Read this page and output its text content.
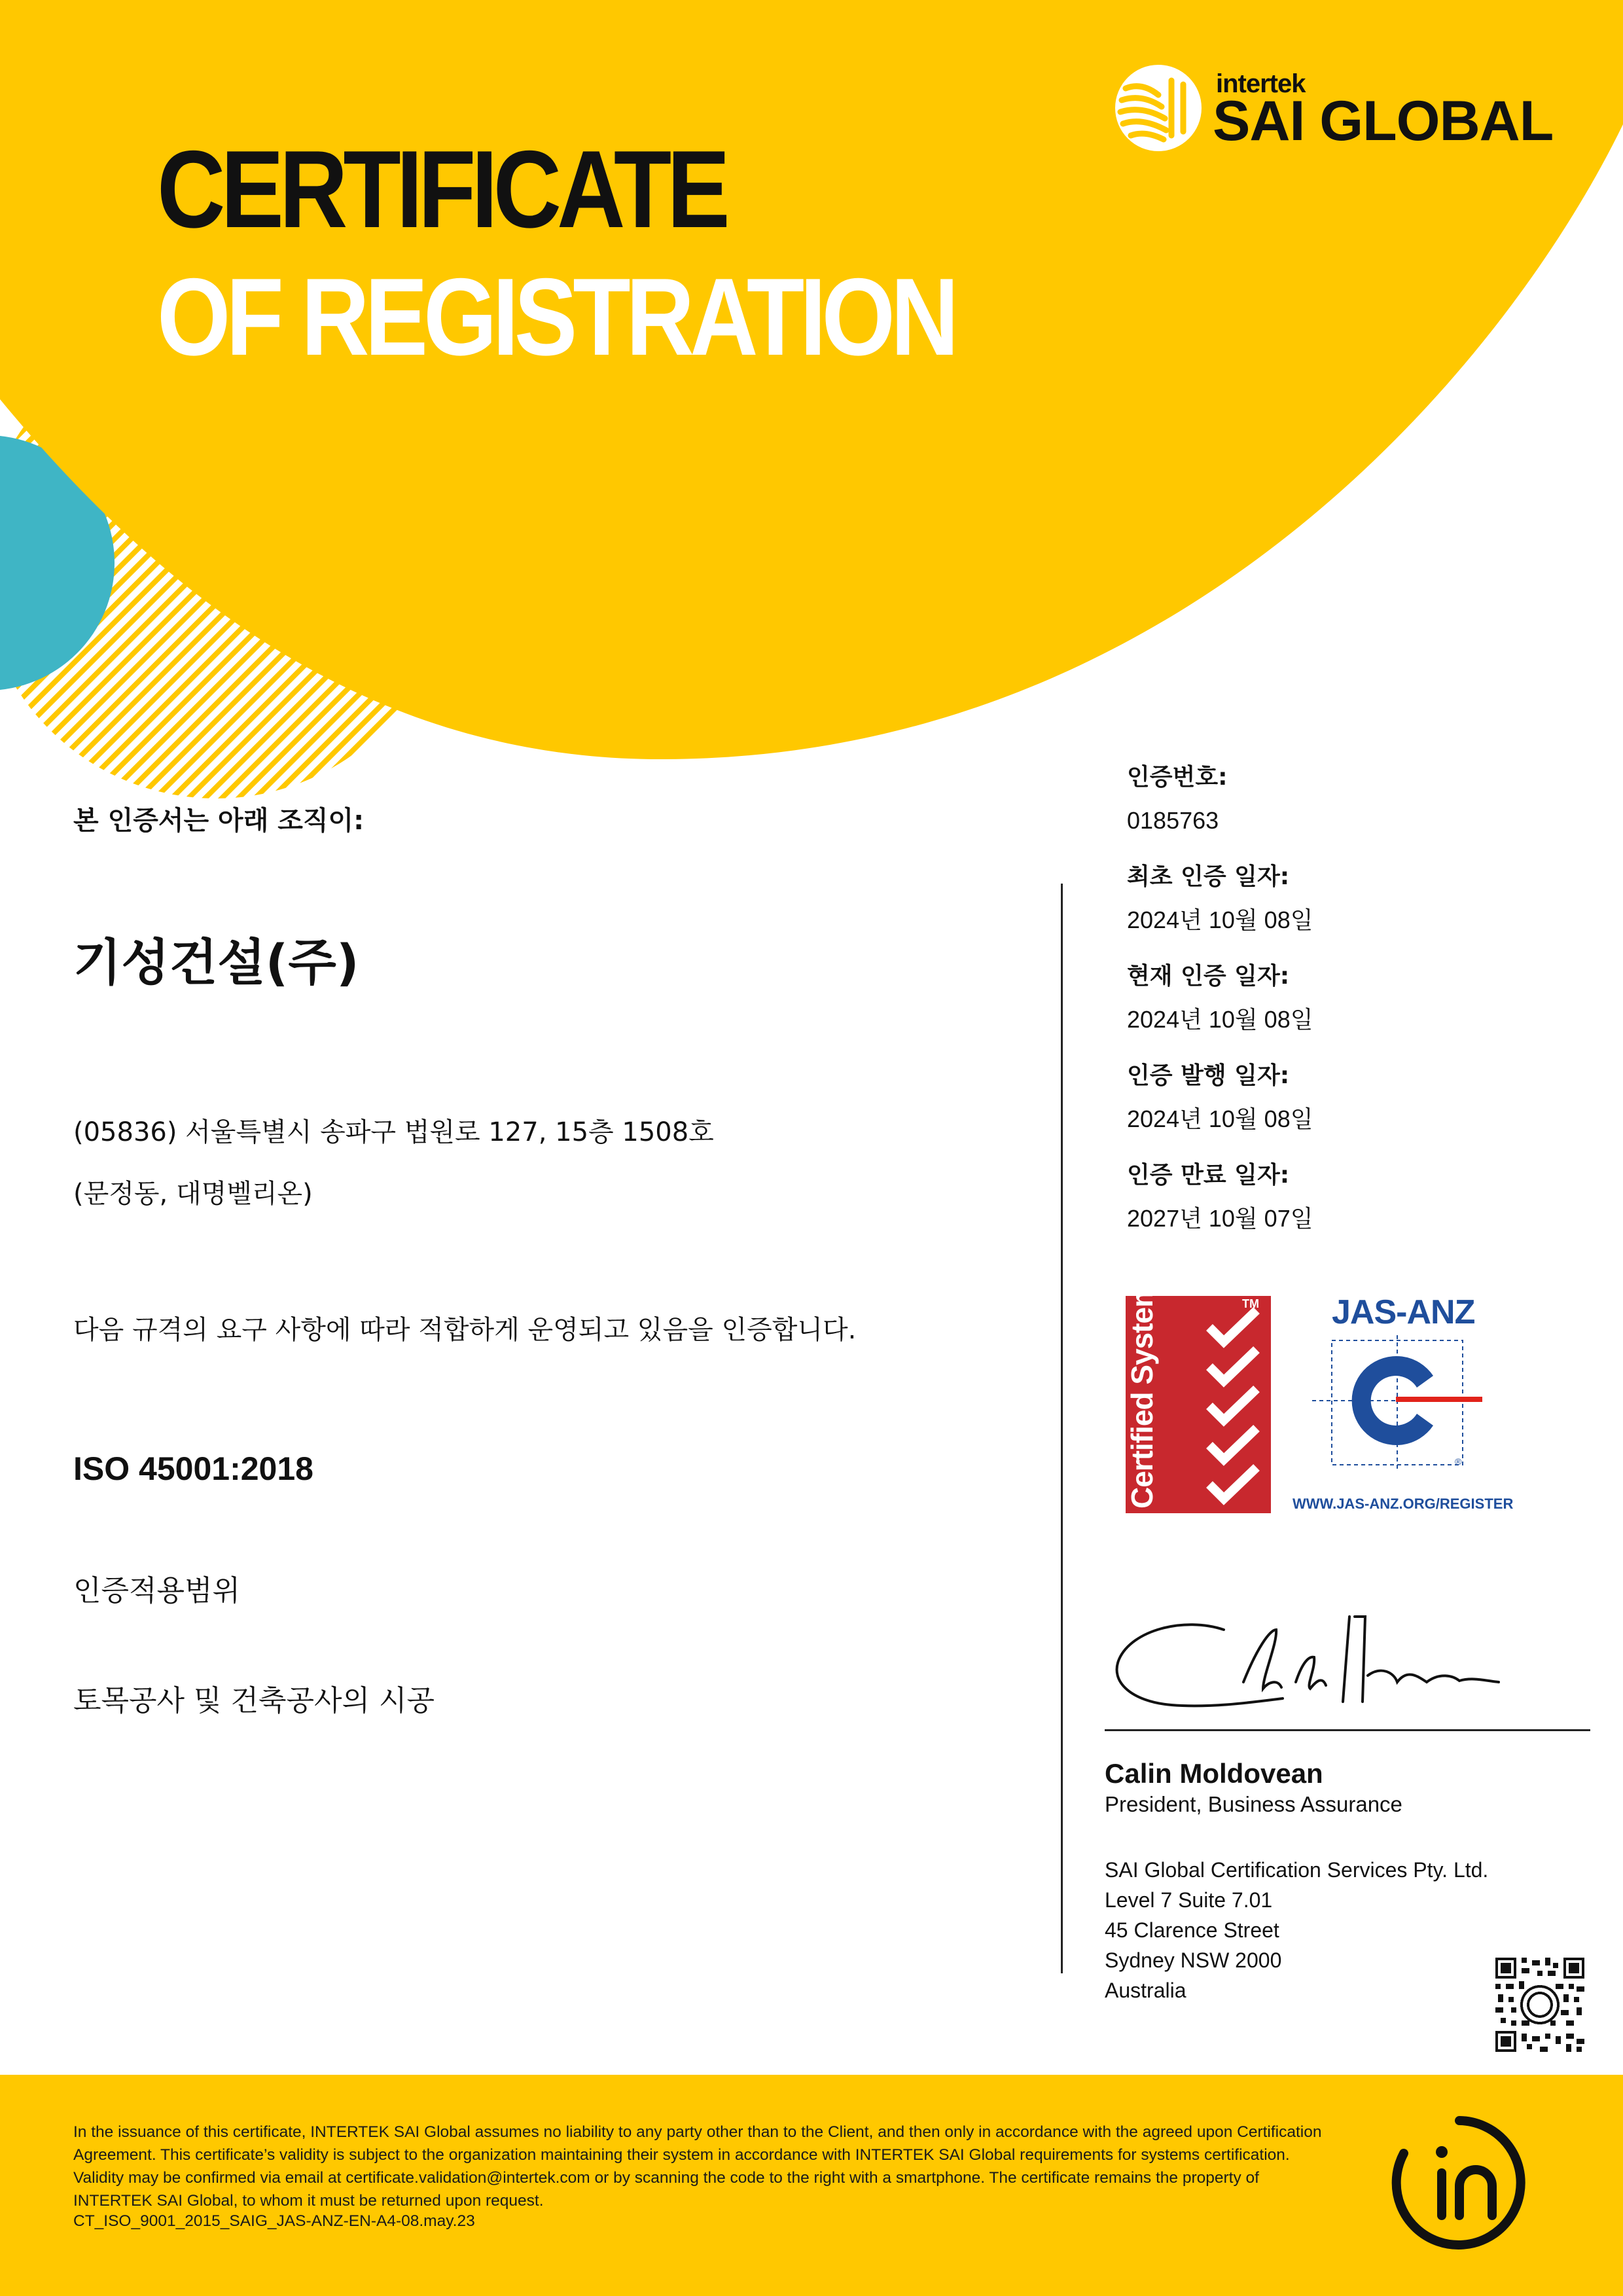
CERTIFICATE
OF REGISTRATION
intertek
SAI GLOBAL
본 인증서는 아래 조직이:
기성건설(주)
(05836) 서울특별시 송파구 법원로 127, 15층 1508호
(문정동, 대명벨리온)
다음 규격의 요구 사항에 따라 적합하게 운영되고 있음을 인증합니다.
ISO 45001:2018
인증적용범위
토목공사 및 건축공사의 시공

인증번호:

0185763

최초 인증 일자:

2024년 10월 08일

현재 인증 일자:

2024년 10월 08일

인증 발행 일자:

2024년 10월 08일

인증 만료 일자:

2027년 10월 07일

TM
Certified System	JAS-ANZ
®
WWW.JAS-ANZ.ORG/REGISTER
Calin Moldovean
President, Business Assurance
SAI Global Certification Services Pty. Ltd.
Level 7 Suite 7.01
45 Clarence Street
Sydney NSW 2000
Australia
In the issuance of this certificate, INTERTEK SAI Global assumes no liability to any party other than to the Client, and then only in accordance with the agreed upon Certification Agreement. This certificate’s validity is subject to the organization maintaining their system in accordance with INTERTEK SAI Global requirements for systems certification. Validity may be confirmed via email at certificate.validation@intertek.com or by scanning the code to the right with a smartphone. The certificate remains the property of INTERTEK SAI Global, to whom it must be returned upon request.
CT_ISO_9001_2015_SAIG_JAS-ANZ-EN-A4-08.may.23
